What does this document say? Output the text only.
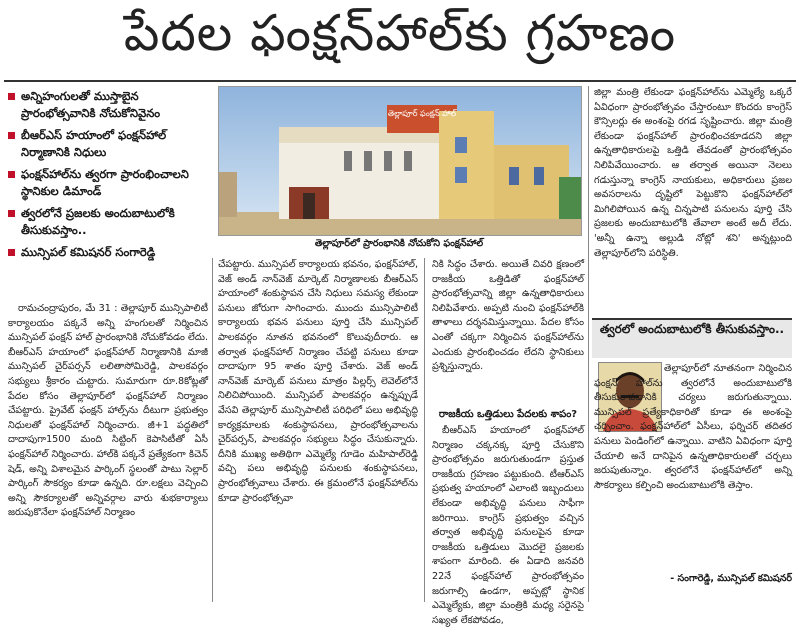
పేదల ఫంక్షన్‌హాల్‌కు గ్రహణం
అన్నిహంగులతో ముస్తాబైన ప్రారంభోత్సవానికి నోచుకోనివైనం
బీఆర్‌ఎస్ హయాంలో ఫంక్షన్‌హాల్ నిర్మాణానికి నిధులు
ఫంక్షన్‌హాల్‌ను త్వరగా ప్రారంభించాలని స్థానికుల డిమాండ్
త్వరలోనే ప్రజలకు అందుబాటులోకి తీసుకువస్తాం..
మున్సిపల్ కమిషనర్ సంగారెడ్డి
తెల్లాపూర్ ఫంక్షన్ హాల్
తెల్లాపూర్‌లో ప్రారంభానికి నోచుకోని ఫంక్షన్‌హాల్

రామచంద్రాపురం, మే 31 : తెల్లాపూర్ మున్సిపాలిటీ కార్యాలయం పక్కనే అన్ని హంగులతో నిర్మించిన మున్సిపల్ ఫంక్షన్ హాల్ ప్రారంభానికి నోచుకోవడం లేదు. బీఆర్‌ఎస్ హయాంలో ఫంక్షన్‌హాల్ నిర్మాణానికి మాజీ మున్సిపల్ చైర్‌పర్సన్ లలితాసోమిరెడ్డి, పాలకవర్గం సభ్యులు శ్రీకారం చుట్టారు. సుమారుగా రూ.8కోట్లతో పేదల కోసం తెల్లాపూర్‌లో ఫంక్షన్‌హాల్ నిర్మాణం చేపట్టారు. ప్రైవేట్ ఫంక్షన్ హాల్స్‌ను దీటుగా ప్రభుత్వం నిధులతో ఫంక్షన్‌హాల్ నిర్మించారు. జీ+1 పద్ధతిలో దాదాపుగా1500 మంది సిట్టింగ్ కెపాసిటీతో ఏసీ ఫంక్షన్‌హాల్ నిర్మించారు. హాల్‌కి పక్కనే ప్రత్యేకంగా కిచెన్ షెడ్, అన్ని విశాలమైన పార్కింగ్ స్థలంతో పాటు సెల్లార్ పార్కింగ్ సౌకర్యం కూడా ఉన్నది. రూ.లక్షలు వెచ్చించి అన్ని సౌకర్యాలతో అన్నివర్గాల వారు శుభకార్యాలు జరుపుకొనేలా ఫంక్షన్‌హాల్ నిర్మాణం

చేపట్టారు. మున్సిపల్ కార్యాలయ భవనం, ఫంక్షన్‌హాల్, వెజ్ అండ్ నాన్‌వెజ్ మార్కెట్ నిర్మాణాలకు బీఆర్‌ఎస్ హయాంలో శంకుస్థాపన చేసి నిధులు సమస్య లేకుండా పనులు జోరుగా సాగించారు. ముందు మున్సిపాలిటీ కార్యాలయ భవన పనులు పూర్తి చేసి మున్సిపల్ పాలకవర్గం నూతన భవనంలో కొలువుదీరారు. ఆ తర్వాత ఫంక్షన్‌హాల్ నిర్మాణం చేపట్టి పనులు కూడా దాదాపుగా 95 శాతం పూర్తి చేశారు. వెజ్ అండ్ నాన్‌వెజ్ మార్కెట్ పనులు మాత్రం పిల్లర్స్ లెవెల్‌లోనే నిలిచిపోయింది. మున్సిపల్ పాలకవర్గం ఉన్నప్పుడే వేసవి తెల్లాపూర్ మున్సిపాలిటీ పరిధిలో పలు అభివృద్ధి కార్యక్రమాలకు శంకుస్థాపనలు, ప్రారంభోత్సవాలను చైర్‌పర్సన్, పాలకవర్గం సభ్యులు సిద్ధం చేసుకున్నారు. దీనికి ముఖ్య అతిథిగా ఎమ్మెల్యే గూడెం మహిపాల్‌రెడ్డి వచ్చి పలు అభివృద్ధి పనులకు శంకుస్థాపనలు, ప్రారంభోత్సవాలు చేశారు. ఈ క్రమంలోనే ఫంక్షన్‌హాల్‌ను కూడా ప్రారంభోత్సవా

నికి సిద్ధం చేశారు. అయితే చివరి క్షణంలో రాజకీయ ఒత్తిడితో ఫంక్షన్‌హాల్ ప్రారంభోత్సవాన్ని జిల్లా ఉన్నతాధికారులు నిలిపివేశారు. అప్పటి నుంచి ఫంక్షన్‌హాల్‌కి తాళాలు దర్శనమిస్తున్నాయి. పేదల కోసం ఎంతో చక్కగా నిర్మించిన ఫంక్షన్‌హాల్‌ను ఎందుకు ప్రారంభించడం లేదని స్థానికులు ప్రశ్నిస్తున్నారు.

రాజకీయ ఒత్తిడులు పేదలకు శాపం?

బీఆర్‌ఎస్ హయాంలో ఫంక్షన్‌హాల్ నిర్మాణం చక్కనక్క పూర్తి చేసుకొని ప్రారంభోత్సవం జరుగుతుండగా ప్రస్తుత రాజకీయ గ్రహణం పట్టుకుంది. టీఆర్‌ఎస్ ప్రభుత్వ హయాంలో ఎలాంటి ఇబ్బందులు లేకుండా అభివృద్ధి పనులు సాఫీగా జరిగాయి. కాంగ్రెస్ ప్రభుత్వం వచ్చిన తర్వాత అభివృద్ధి పనులపైన కూడా రాజకీయ ఒత్తిడులు మొదలై ప్రజలకు శాపంగా మారింది. ఈ ఏడాది జనవరి 22నే ఫంక్షన్‌హాల్ ప్రారంభోత్సవం జరుగాల్సి ఉండగా, అప్పట్లో స్థానిక ఎమ్మెల్యేకు, జిల్లా మంత్రికి మధ్య సరైనసై సఖ్యత లేకపోవడం,

జిల్లా మంత్రి లేకుండా ఫంక్షన్‌హాల్‌ను ఎమ్మెల్యే ఒక్కరే ఏవిధంగా ప్రారంభోత్సవం చేస్తారంటూ కొందరు కాంగ్రెస్ కౌన్సిలర్లు ఈ అంశంపై రగడ సృష్టించారు. జిల్లా మంత్రి లేకుండా ఫంక్షన్‌హాల్ ప్రారంభించకూడదని జిల్లా ఉన్నతాధికారులపై ఒత్తిడి తేవడంతో ప్రారంభోత్సవం నిలిపివేయించారు. ఆ తర్వాత అయినా నెలలు గడుస్తున్నా కాంగ్రెస్ నాయకులు, అధికారులు ప్రజల అవసరాలను దృష్టిలో పెట్టుకొని ఫంక్షన్‌హాల్‌లో మిగిలిపోయిన ఉన్న చిన్నపాటి పనులను పూర్తి చేసి ప్రజలకు అందుబాటులోకి తేవాలా అంటే అదీ లేదు. 'అన్నీ ఉన్నా అల్లుడి నోట్లో శని' అన్నట్లుంది తెల్లాపూర్‌లోని పరిస్థితి.

త్వరలో అందుబాటులోకి తీసుకువస్తాం..

తెల్లాపూర్‌లో నూతనంగా నిర్మించిన ఫంక్షన్ హాల్‌ను త్వరలోనే అందుబాటులోకి తీసుకురావడానికి చర్యలు జరుగుతున్నాయి. మున్సిపల్ ప్రత్యేకాధికారితో కూడా ఈ అంశంపై చర్చించాం. ఫంక్షన్‌హాల్‌లో ఏసీలు, ఫర్నిచర్ తదితర పనులు పెండింగ్‌లో ఉన్నాయి. వాటిని ఏవిధంగా పూర్తి చేయాలి అనే దానిపైన ఉన్నతాధికారులతో చర్చలు జరుపుతున్నాం. త్వరలోనే ఫంక్షన్‌హాల్‌లో అన్ని సౌకర్యాలు కల్పించి అందుబాటులోకి తెస్తాం.

- సంగారెడ్డి, మున్సిపల్ కమిషనర్
